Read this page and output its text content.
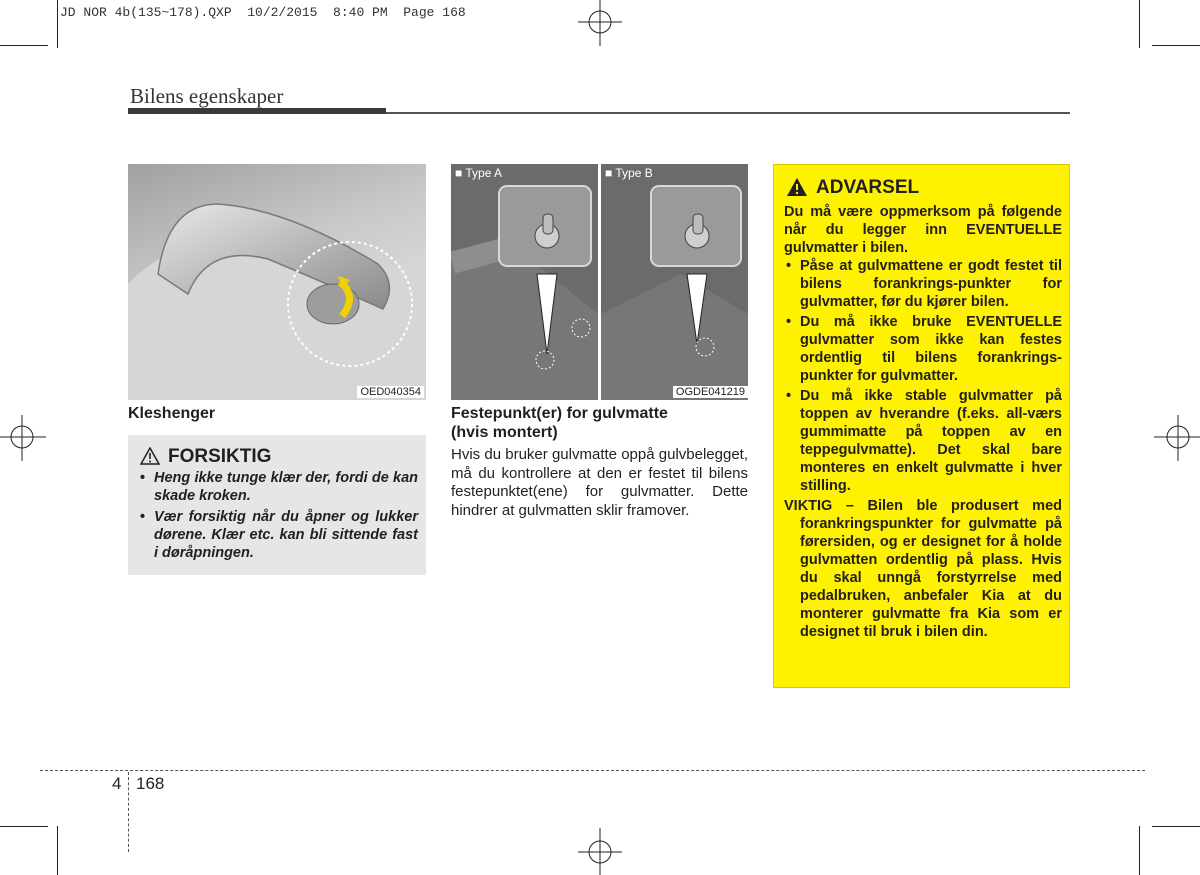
JD NOR 4b(135~178).QXP  10/2/2015  8:40 PM  Page 168
Bilens egenskaper
OED040354
■ Type A	■ Type B
OGDE041219
Kleshenger
FORSIKTIG
• Heng ikke tunge klær der, fordi de kan skade kroken.
• Vær forsiktig når du åpner og lukker dørene. Klær etc. kan bli sittende fast i døråpningen.
Festepunkt(er) for gulvmatte
(hvis montert)
Hvis du bruker gulvmatte oppå gulvbelegget, må du kontrollere at den er festet til bilens festepunktet(ene) for gulvmatter. Dette hindrer at gulvmatten sklir framover.
ADVARSEL

Du må være oppmerksom på følgende når du legger inn EVENTUELLE gulvmatter i bilen.

• Påse at gulvmattene er godt festet til bilens forankrings-punkter for gulvmatter, før du kjører bilen.
• Du må ikke bruke EVENTUELLE gulvmatter som ikke kan festes ordentlig til bilens forankrings-punkter for gulvmatter.
• Du må ikke stable gulvmatter på toppen av hverandre (f.eks. all-værs gummimatte på toppen av en teppegulvmatte). Det skal bare monteres en enkelt gulvmatte i hver stilling.

VIKTIG – Bilen ble produsert med forankringspunkter for gulvmatte på førersiden, og er designet for å holde gulvmatten ordentlig på plass. Hvis du skal unngå forstyrrelse med pedalbruken, anbefaler Kia at du monterer gulvmatte fra Kia som er designet til bruk i bilen din.

4 168
